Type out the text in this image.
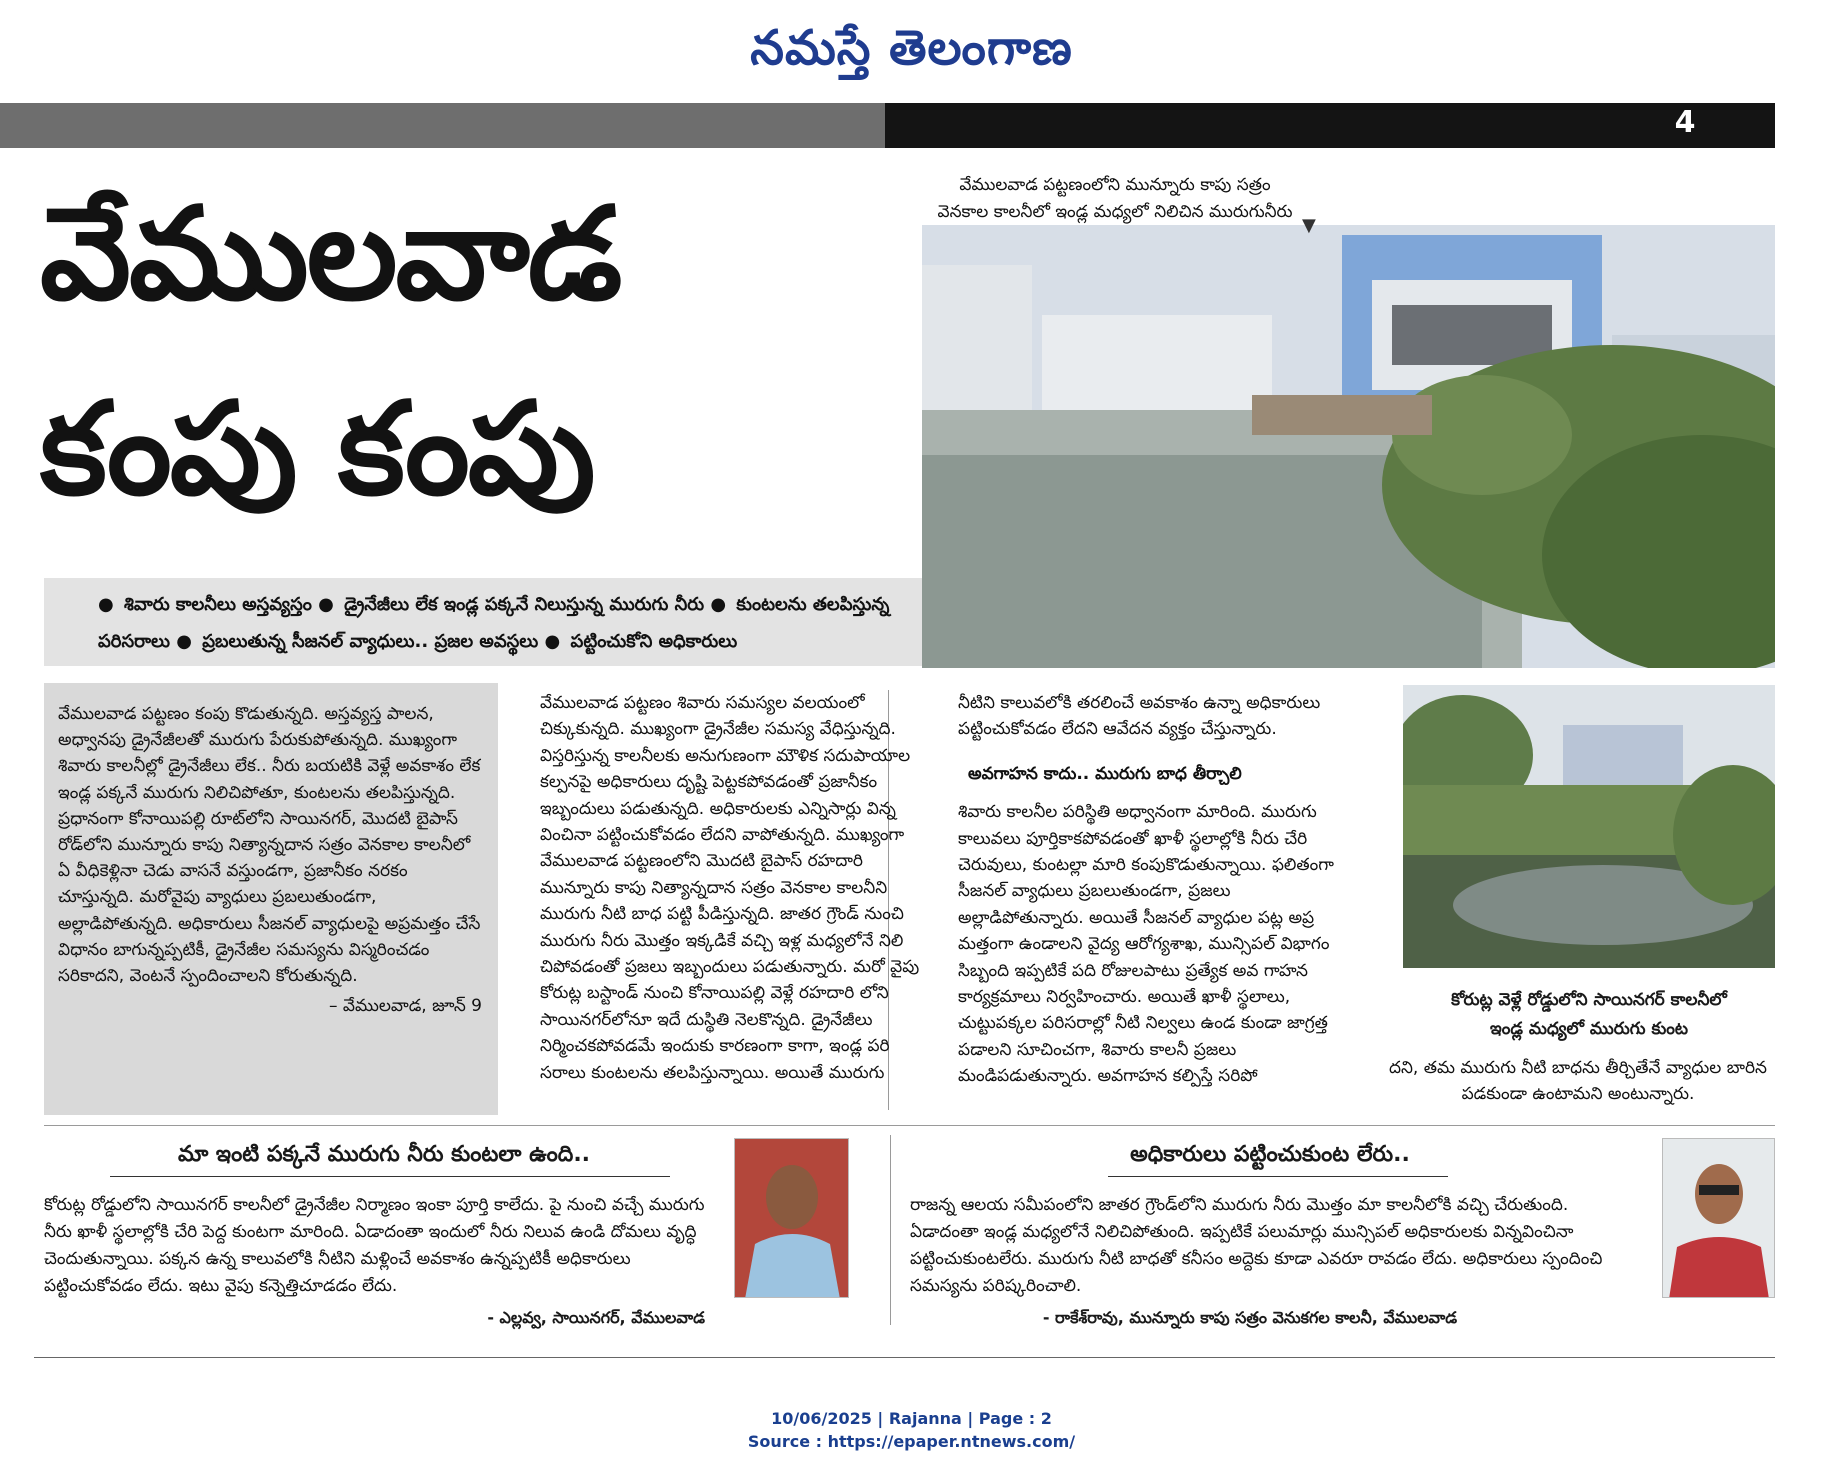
నమస్తే తెలంగాణ
4
వేములవాడ
కంపు కంపు
వేములవాడ పట్టణంలోని మున్నూరు కాపు సత్రం
వెనకాల కాలనీలో ఇండ్ల మధ్యలో నిలిచిన మురుగునీరు
▼
● శివారు కాలనీలు అస్తవ్యస్తం ● డ్రైనేజీలు లేక ఇండ్ల పక్కనే నిలుస్తున్న మురుగు నీరు ● కుంటలను తలపిస్తున్న పరిసరాలు ● ప్రబలుతున్న సీజనల్ వ్యాధులు.. ప్రజల అవస్థలు ● పట్టించుకోని అధికారులు
వేములవాడ పట్టణం కంపు కొడుతున్నది. అస్తవ్యస్త పాలన, అధ్వానపు డ్రైనేజీలతో మురుగు పేరుకుపోతున్నది. ముఖ్యంగా శివారు కాలనీల్లో డ్రైనేజీలు లేక.. నీరు బయటికి వెళ్లే అవకాశం లేక ఇండ్ల పక్కనే మురుగు నిలిచిపోతూ, కుంటలను తలపిస్తున్నది. ప్రధానంగా కోనాయిపల్లి రూట్‌లోని సాయినగర్, మొదటి బైపాస్ రోడ్‌లోని మున్నూరు కాపు నిత్యాన్నదాన సత్రం వెనకాల కాలనీలో ఏ వీధికెళ్లినా చెడు వాసనే వస్తుండగా, ప్రజానీకం నరకం చూస్తున్నది. మరోవైపు వ్యాధులు ప్రబలుతుండగా, అల్లాడిపోతున్నది. అధికారులు సీజనల్ వ్యాధులపై అప్రమత్తం చేసే విధానం బాగున్నప్పటికీ, డ్రైనేజీల సమస్యను విస్మరించడం సరికాదని, వెంటనే స్పందించాలని కోరుతున్నది.
– వేములవాడ, జూన్ 9
వేములవాడ పట్టణం శివారు సమస్యల వలయంలో చిక్కుకున్నది. ముఖ్యంగా డ్రైనేజీల సమస్య వేధిస్తున్నది. విస్తరిస్తున్న కాలనీలకు అనుగుణంగా మౌళిక సదుపాయాల కల్పనపై అధికారులు దృష్టి పెట్టకపోవడంతో ప్రజానీకం ఇబ్బందులు పడుతున్నది. అధికారులకు ఎన్నిసార్లు విన్న వించినా పట్టించుకోవడం లేదని వాపోతున్నది. ముఖ్యంగా వేములవాడ పట్టణంలోని మొదటి బైపాస్ రహదారి మున్నూరు కాపు నిత్యాన్నదాన సత్రం వెనకాల కాలనీని మురుగు నీటి బాధ పట్టి పీడిస్తున్నది. జాతర గ్రౌండ్ నుంచి మురుగు నీరు మొత్తం ఇక్కడికే వచ్చి ఇళ్ల మధ్యలోనే నిలి చిపోవడంతో ప్రజలు ఇబ్బందులు పడుతున్నారు. మరో వైపు కోరుట్ల బస్టాండ్ నుంచి కోనాయిపల్లి వెళ్లే రహదారి లోని సాయినగర్‌లోనూ ఇదే దుస్థితి నెలకొన్నది. డ్రైనేజీలు నిర్మించకపోవడమే ఇందుకు కారణంగా కాగా, ఇండ్ల పరి సరాలు కుంటలను తలపిస్తున్నాయి. అయితే మురుగు
నీటిని కాలువలోకి తరలించే అవకాశం ఉన్నా అధికారులు పట్టించుకోవడం లేదని ఆవేదన వ్యక్తం చేస్తున్నారు.
అవగాహన కాదు.. మురుగు బాధ తీర్చాలి
శివారు కాలనీల పరిస్థితి అధ్వానంగా మారింది. మురుగు కాలువలు పూర్తికాకపోవడంతో ఖాళీ స్థలాల్లోకి నీరు చేరి చెరువులు, కుంటల్లా మారి కంపుకొడుతున్నాయి. ఫలితంగా సీజనల్ వ్యాధులు ప్రబలుతుండగా, ప్రజలు అల్లాడిపోతున్నారు. అయితే సీజనల్ వ్యాధుల పట్ల అప్ర మత్తంగా ఉండాలని వైద్య ఆరోగ్యశాఖ, మున్సిపల్ విభాగం సిబ్బంది ఇప్పటికే పది రోజులపాటు ప్రత్యేక అవ గాహన కార్యక్రమాలు నిర్వహించారు. అయితే ఖాళీ స్థలాలు, చుట్టుపక్కల పరిసరాల్లో నీటి నిల్వలు ఉండ కుండా జాగ్రత్త పడాలని సూచించగా, శివారు కాలనీ ప్రజలు మండిపడుతున్నారు. అవగాహన కల్పిస్తే సరిపో
కోరుట్ల వెళ్లే రోడ్డులోని సాయినగర్ కాలనీలో
ఇండ్ల మధ్యలో మురుగు కుంట
దని, తమ మురుగు నీటి బాధను తీర్చితేనే వ్యాధుల బారిన పడకుండా ఉంటామని అంటున్నారు.
మా ఇంటి పక్కనే మురుగు నీరు కుంటలా ఉంది..
కోరుట్ల రోడ్డులోని సాయినగర్ కాలనీలో డ్రైనేజీల నిర్మాణం ఇంకా పూర్తి కాలేదు. పై నుంచి వచ్చే మురుగు నీరు ఖాళీ స్థలాల్లోకి చేరి పెద్ద కుంటగా మారింది. ఏడాదంతా ఇందులో నీరు నిలువ ఉండి దోమలు వృద్ధి చెందుతున్నాయి. పక్కన ఉన్న కాలువలోకి నీటిని మళ్లించే అవకాశం ఉన్నప్పటికీ అధికారులు పట్టించుకోవడం లేదు. ఇటు వైపు కన్నెత్తిచూడడం లేదు.
- ఎల్లవ్వ, సాయినగర్, వేములవాడ
అధికారులు పట్టించుకుంట లేరు..
రాజన్న ఆలయ సమీపంలోని జాతర గ్రౌండ్‌లోని మురుగు నీరు మొత్తం మా కాలనీలోకి వచ్చి చేరుతుంది. ఏడాదంతా ఇండ్ల మధ్యలోనే నిలిచిపోతుంది. ఇప్పటికే పలుమార్లు మున్సిపల్ అధికారులకు విన్నవించినా పట్టించుకుంటలేరు. మురుగు నీటి బాధతో కనీసం అద్దెకు కూడా ఎవరూ రావడం లేదు. అధికారులు స్పందించి సమస్యను పరిష్కరించాలి.
- రాకేశ్‌రావు, మున్నూరు కాపు సత్రం వెనుకగల కాలనీ, వేములవాడ
10/06/2025 | Rajanna | Page : 2
Source : https://epaper.ntnews.com/
